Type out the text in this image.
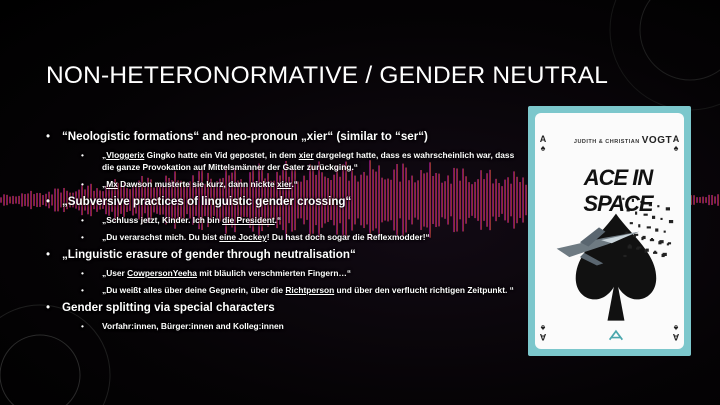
NON-HETERONORMATIVE / GENDER NEUTRAL
• “Neologistic formations“ and neo-pronoun „xier“ (similar to “ser“)
• „Vloggerix Gingko hatte ein Vid gepostet, in dem xier dargelegt hatte, dass es wahrscheinlich war, dass die ganze Provokation auf Mittelsmänner der Gater zurückging.“
• „Mx Dawson musterte sie kurz, dann nickte xier.“
• „Subversive practices of linguistic gender crossing“
• „Schluss jetzt, Kinder. Ich bin die President.“
• „Du verarschst mich. Du bist eine Jockey! Du hast doch sogar die Reflexmodder!“
• „Linguistic erasure of gender through neutralisation“
• „User CowpersonYeeha mit bläulich verschmierten Fingern…“
• „Du weißt alles über deine Gegnerin, über die Richtperson und über den verflucht richtigen Zeitpunkt. “
• Gender splitting via special characters
• Vorfahr:innen, Bürger:innen and Kolleg:innen
A
♠
A
♠
A
♠
A
♠
JUDITH & CHRISTIAN VOGT
ACE IN SPACE
